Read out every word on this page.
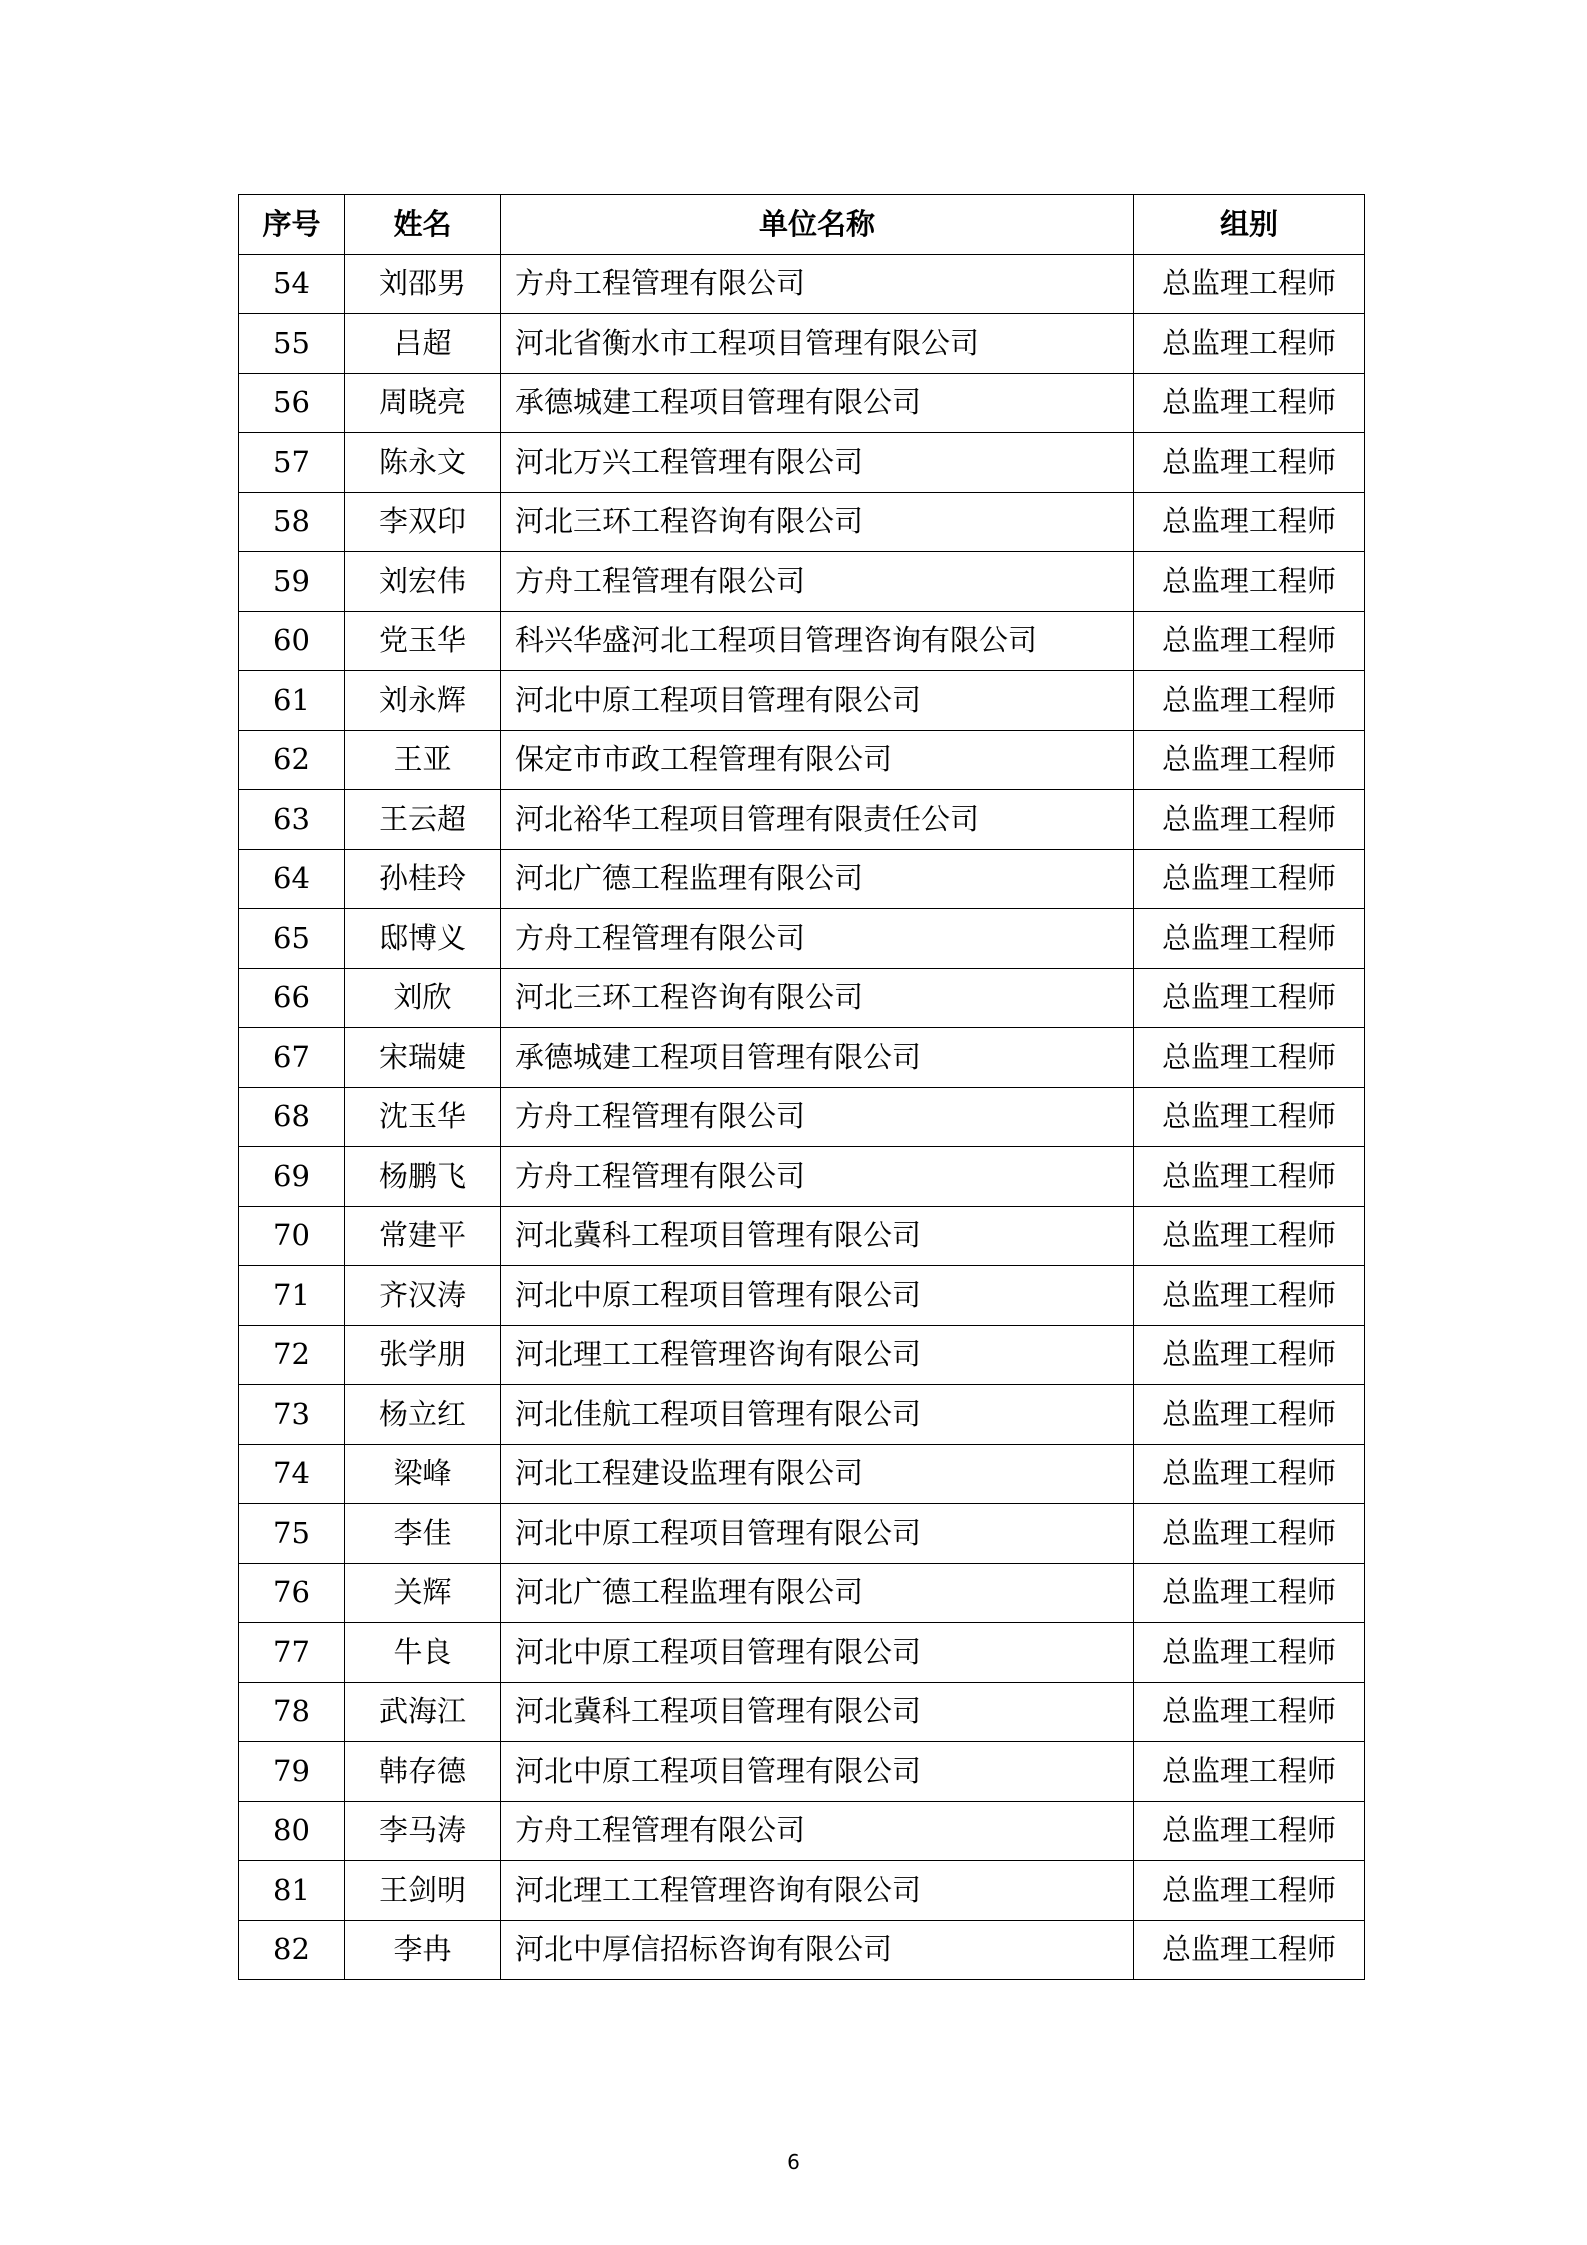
序号	姓名	单位名称	组别
54	刘邵男	方舟工程管理有限公司	总监理工程师
55	吕超	河北省衡水市工程项目管理有限公司	总监理工程师
56	周晓亮	承德城建工程项目管理有限公司	总监理工程师
57	陈永文	河北万兴工程管理有限公司	总监理工程师
58	李双印	河北三环工程咨询有限公司	总监理工程师
59	刘宏伟	方舟工程管理有限公司	总监理工程师
60	党玉华	科兴华盛河北工程项目管理咨询有限公司	总监理工程师
61	刘永辉	河北中原工程项目管理有限公司	总监理工程师
62	王亚	保定市市政工程管理有限公司	总监理工程师
63	王云超	河北裕华工程项目管理有限责任公司	总监理工程师
64	孙桂玲	河北广德工程监理有限公司	总监理工程师
65	邸博义	方舟工程管理有限公司	总监理工程师
66	刘欣	河北三环工程咨询有限公司	总监理工程师
67	宋瑞婕	承德城建工程项目管理有限公司	总监理工程师
68	沈玉华	方舟工程管理有限公司	总监理工程师
69	杨鹏飞	方舟工程管理有限公司	总监理工程师
70	常建平	河北冀科工程项目管理有限公司	总监理工程师
71	齐汉涛	河北中原工程项目管理有限公司	总监理工程师
72	张学朋	河北理工工程管理咨询有限公司	总监理工程师
73	杨立红	河北佳航工程项目管理有限公司	总监理工程师
74	梁峰	河北工程建设监理有限公司	总监理工程师
75	李佳	河北中原工程项目管理有限公司	总监理工程师
76	关辉	河北广德工程监理有限公司	总监理工程师
77	牛良	河北中原工程项目管理有限公司	总监理工程师
78	武海江	河北冀科工程项目管理有限公司	总监理工程师
79	韩存德	河北中原工程项目管理有限公司	总监理工程师
80	李马涛	方舟工程管理有限公司	总监理工程师
81	王剑明	河北理工工程管理咨询有限公司	总监理工程师
82	李冉	河北中厚信招标咨询有限公司	总监理工程师
6
